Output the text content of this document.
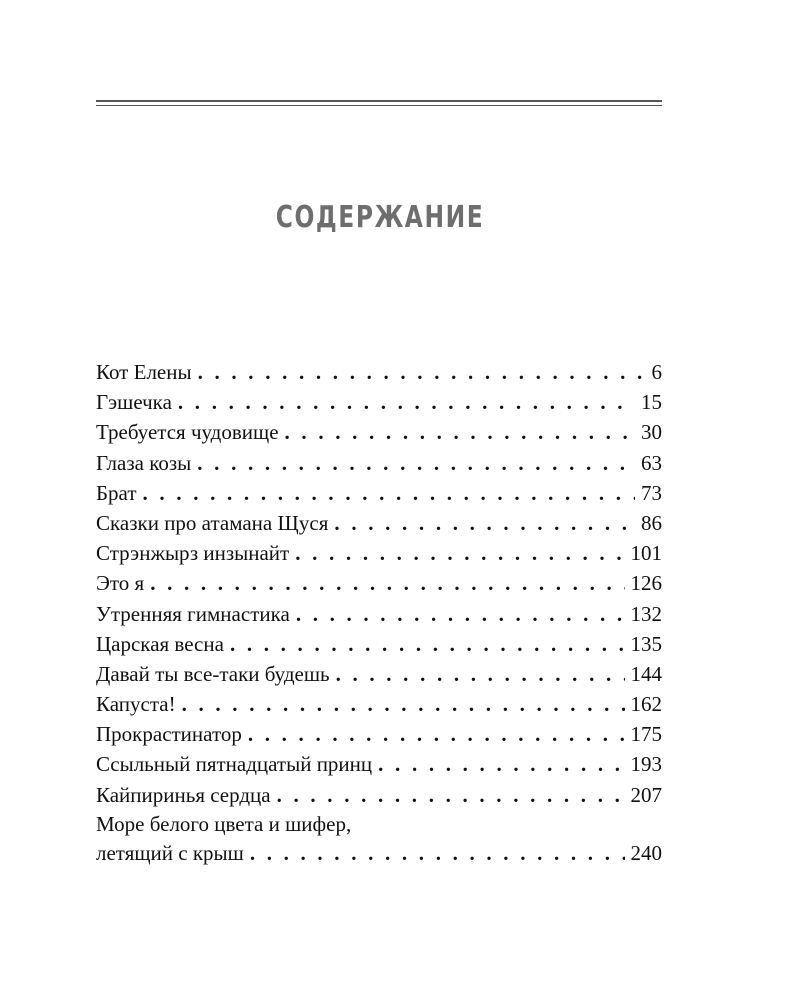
СОДЕРЖАНИЕ
Кот Елены . . .	6
Гэшечка . . .	15
Требуется чудовище . . .	30
Глаза козы . . .	63
Брат . . .	73
Сказки про атамана Щуся . . .	86
Стрэнжырз инзынайт . . .	101
Это я . . .	126
Утренняя гимнастика . . .	132
Царская весна . . .	135
Давай ты все-таки будешь . . .	144
Капуста! . . .	162
Прокрастинатор . . .	175
Ссыльный пятнадцатый принц . . .	193
Кайпиринья сердца . . .	207
Море белого цвета и шифер,
летящий с крыш . . .	240
